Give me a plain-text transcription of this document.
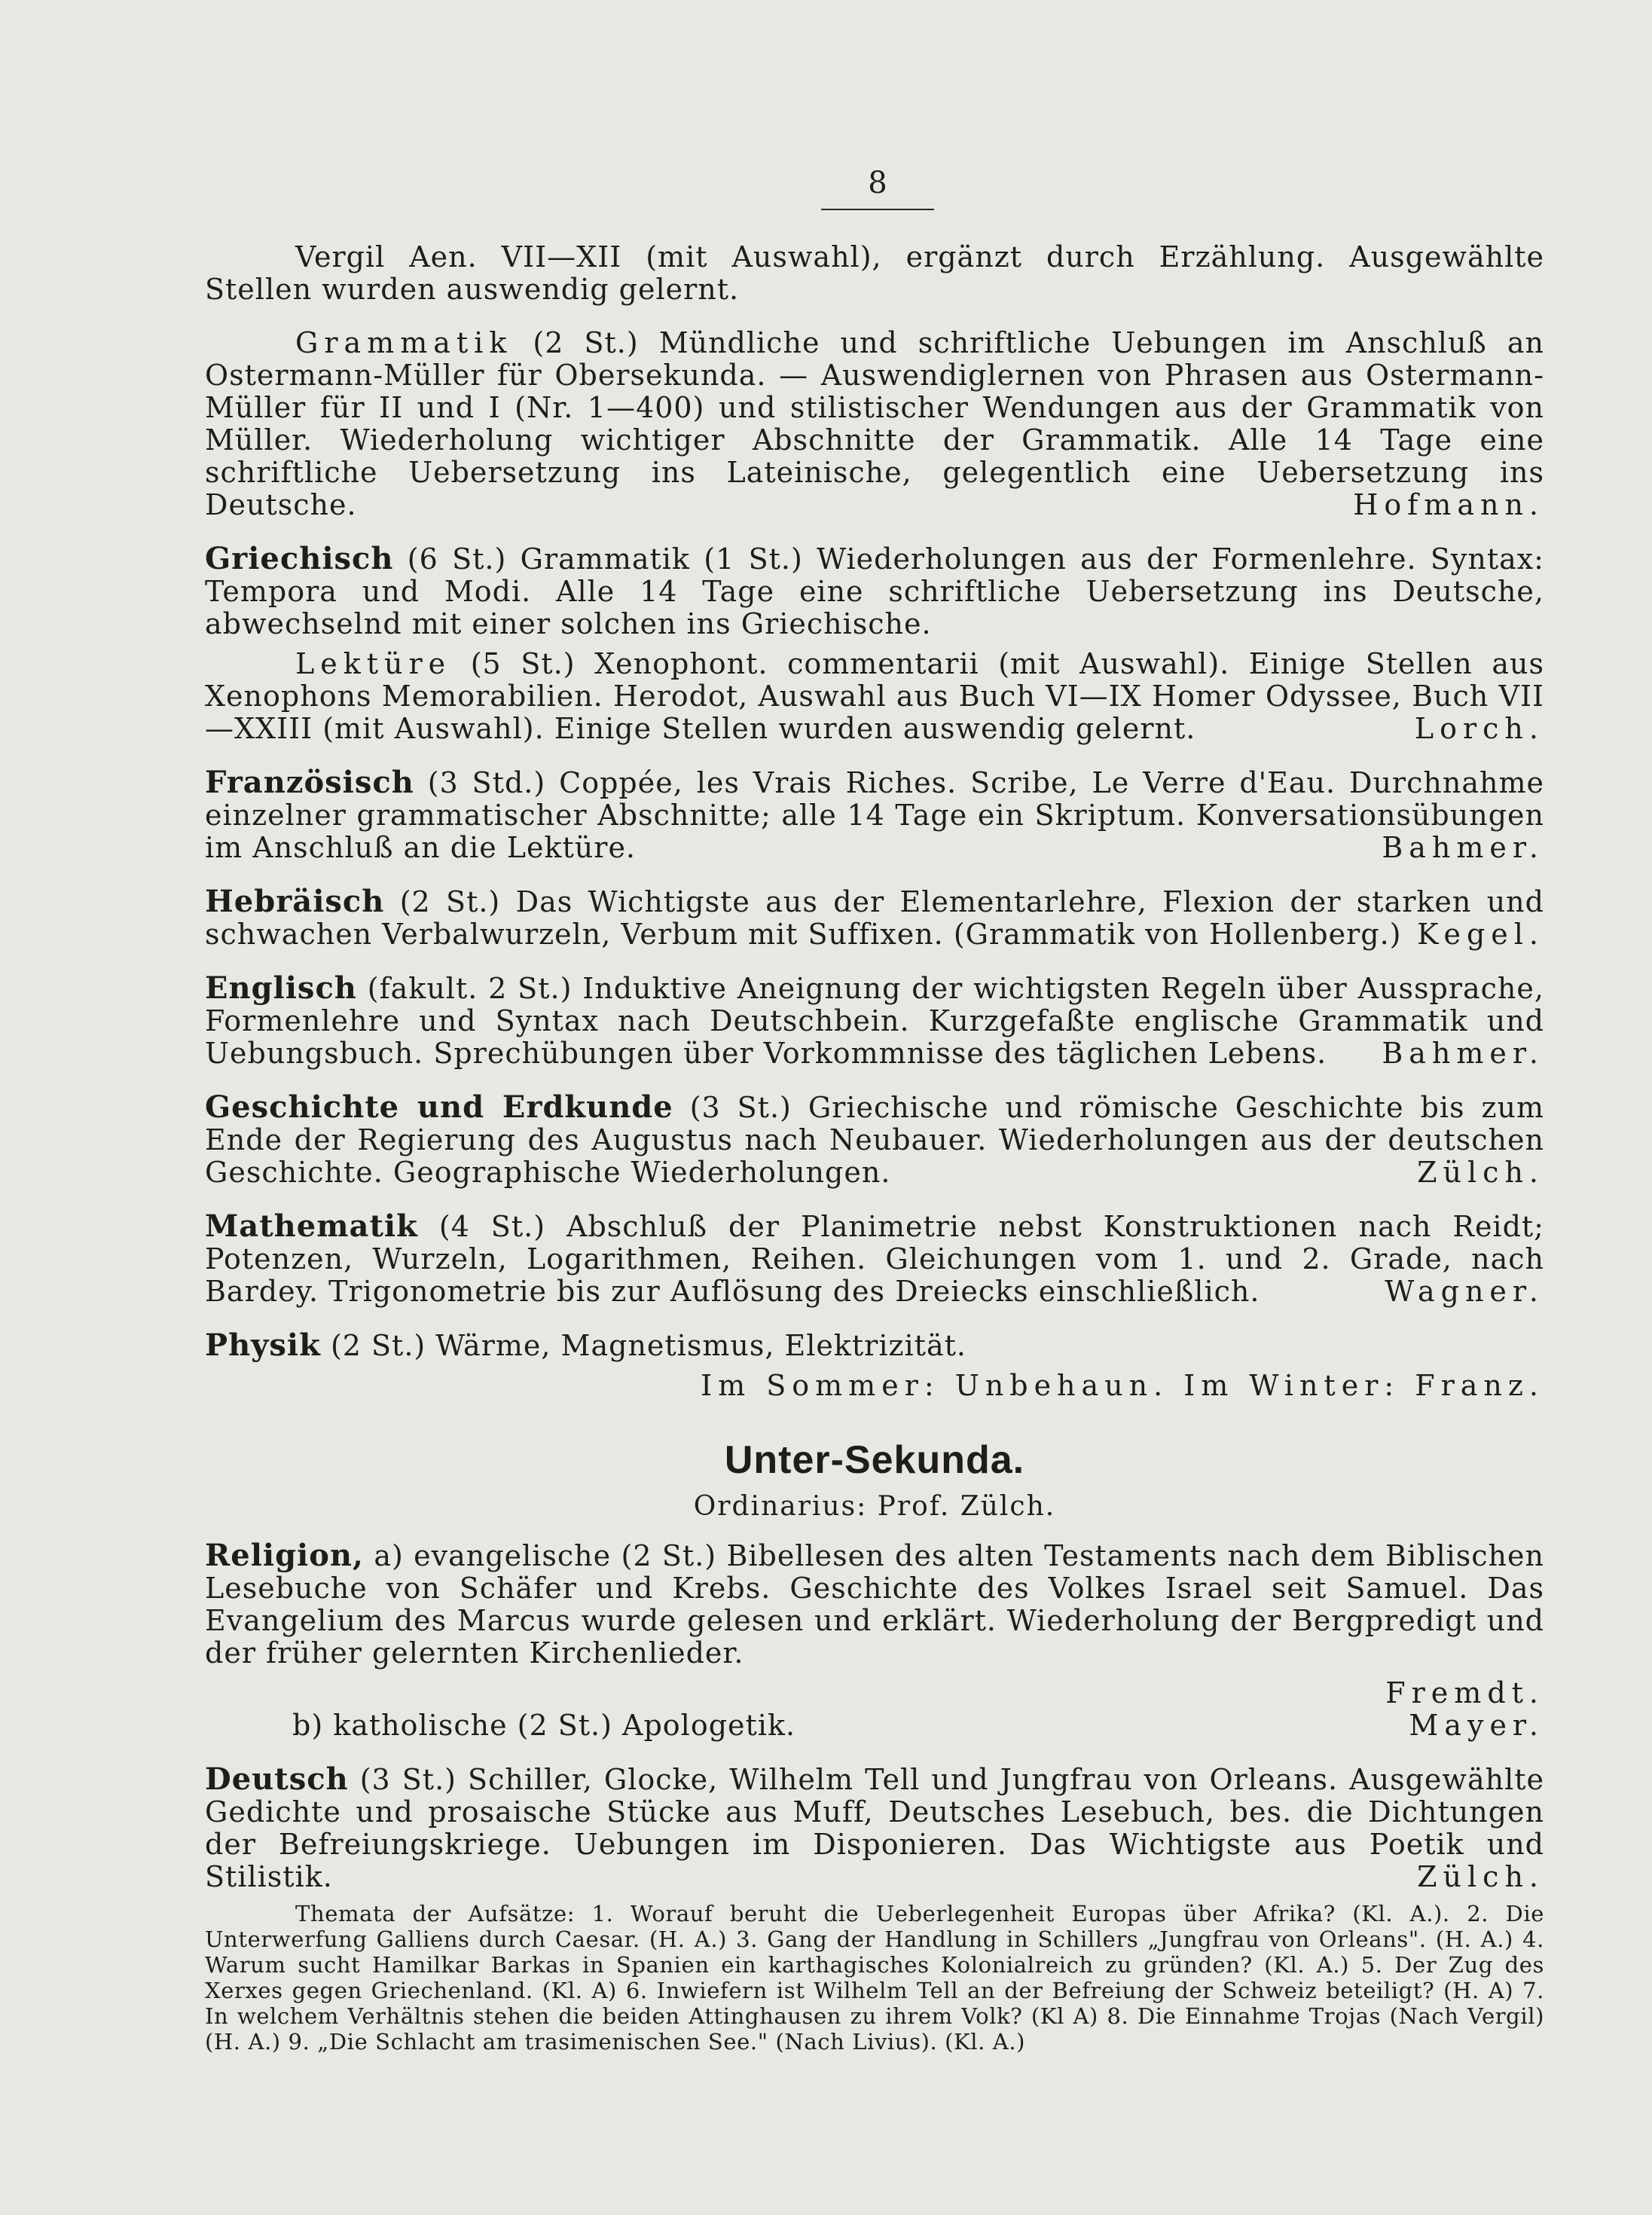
8

Vergil Aen. VII—XII (mit Auswahl), ergänzt durch Erzählung. Ausgewählte Stellen wurden auswendig gelernt.

Grammatik (2 St.) Mündliche und schriftliche Uebungen im Anschluß an Ostermann-Müller für Obersekunda. — Auswendiglernen von Phrasen aus Ostermann-Müller für II und I (Nr. 1—400) und stilistischer Wendungen aus der Grammatik von Müller. Wiederholung wichtiger Abschnitte der Grammatik. Alle 14 Tage eine schriftliche Uebersetzung ins Lateinische, gelegentlich eine Uebersetzung ins Deutsche.	Hofmann.

Griechisch (6 St.) Grammatik (1 St.) Wiederholungen aus der Formenlehre. Syntax: Tempora und Modi. Alle 14 Tage eine schriftliche Uebersetzung ins Deutsche, abwechselnd mit einer solchen ins Griechische.

Lektüre (5 St.) Xenophont. commentarii (mit Auswahl). Einige Stellen aus Xenophons Memorabilien. Herodot, Auswahl aus Buch VI—IX Homer Odyssee, Buch VII—XXIII (mit Auswahl). Einige Stellen wurden auswendig gelernt.	Lorch.

Französisch (3 Std.) Coppée, les Vrais Riches. Scribe, Le Verre d'Eau. Durchnahme einzelner grammatischer Abschnitte; alle 14 Tage ein Skriptum. Konversationsübungen im Anschluß an die Lektüre.	Bahmer.

Hebräisch (2 St.) Das Wichtigste aus der Elementarlehre, Flexion der starken und schwachen Verbalwurzeln, Verbum mit Suffixen. (Grammatik von Hollenberg.) Kegel.

Englisch (fakult. 2 St.) Induktive Aneignung der wichtigsten Regeln über Aussprache, Formenlehre und Syntax nach Deutschbein. Kurzgefaßte englische Grammatik und Uebungsbuch. Sprechübungen über Vorkommnisse des täglichen Lebens. Bahmer.

Geschichte und Erdkunde (3 St.) Griechische und römische Geschichte bis zum Ende der Regierung des Augustus nach Neubauer. Wiederholungen aus der deutschen Geschichte. Geographische Wiederholungen.	Zülch.

Mathematik (4 St.) Abschluß der Planimetrie nebst Konstruktionen nach Reidt; Potenzen, Wurzeln, Logarithmen, Reihen. Gleichungen vom 1. und 2. Grade, nach Bardey. Trigonometrie bis zur Auflösung des Dreiecks einschließlich.	Wagner.

Physik (2 St.) Wärme, Magnetismus, Elektrizität.

Im Sommer: Unbehaun. Im Winter: Franz.
Unter-Sekunda.
Ordinarius: Prof. Zülch.

Religion, a) evangelische (2 St.) Bibellesen des alten Testaments nach dem Biblischen Lesebuche von Schäfer und Krebs. Geschichte des Volkes Israel seit Samuel. Das Evangelium des Marcus wurde gelesen und erklärt. Wiederholung der Bergpredigt und der früher gelernten Kirchenlieder.

Fremdt.
b) katholische (2 St.) Apologetik.	Mayer.

Deutsch (3 St.) Schiller, Glocke, Wilhelm Tell und Jungfrau von Orleans. Ausgewählte Gedichte und prosaische Stücke aus Muff, Deutsches Lesebuch, bes. die Dichtungen der Befreiungskriege. Uebungen im Disponieren. Das Wichtigste aus Poetik und Stilistik.	Zülch.

Themata der Aufsätze: 1. Worauf beruht die Ueberlegenheit Europas über Afrika? (Kl. A.). 2. Die Unterwerfung Galliens durch Caesar. (H. A.) 3. Gang der Handlung in Schillers „Jungfrau von Orleans". (H. A.) 4. Warum sucht Hamilkar Barkas in Spanien ein karthagisches Kolonialreich zu gründen? (Kl. A.) 5. Der Zug des Xerxes gegen Griechenland. (Kl. A) 6. Inwiefern ist Wilhelm Tell an der Befreiung der Schweiz beteiligt? (H. A) 7. In welchem Verhältnis stehen die beiden Attinghausen zu ihrem Volk? (Kl A) 8. Die Einnahme Trojas (Nach Vergil) (H. A.) 9. „Die Schlacht am trasimenischen See." (Nach Livius). (Kl. A.)
